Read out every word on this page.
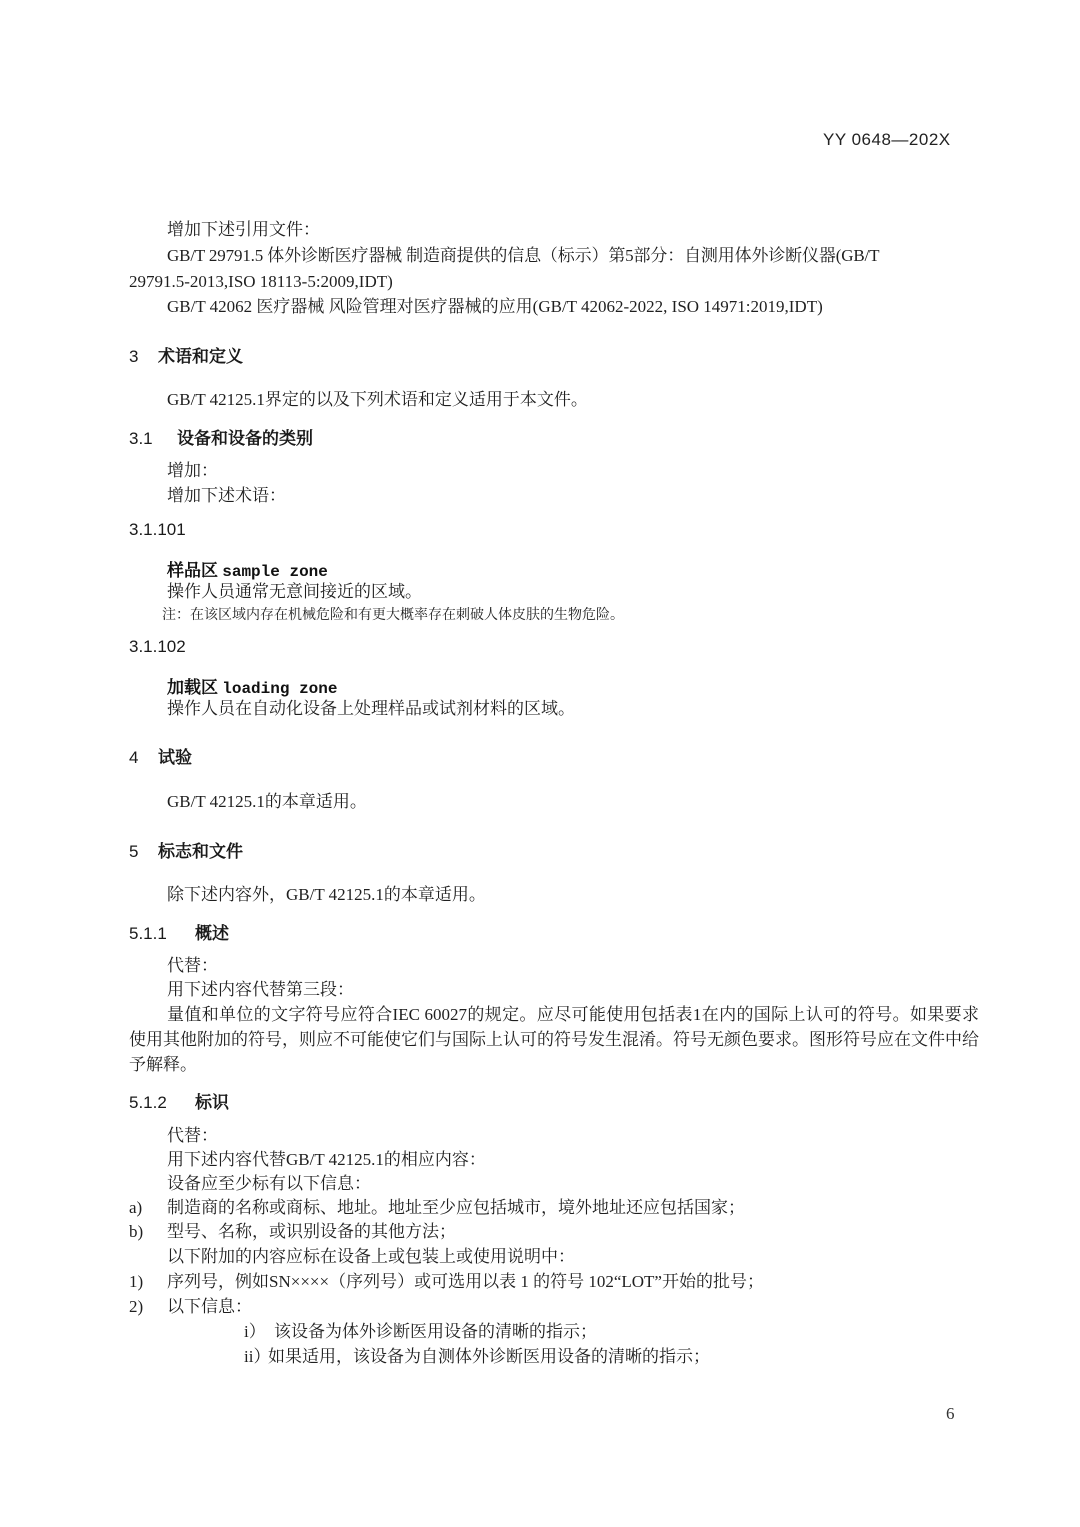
YY 0648—202X
增加下述引用文件：
GB/T 29791.5 体外诊断医疗器械 制造商提供的信息（标示）第5部分：自测用体外诊断仪器(GB/T
29791.5-2013,ISO 18113-5:2009,IDT)
GB/T 42062 医疗器械 风险管理对医疗器械的应用(GB/T 42062-2022, ISO 14971:2019,IDT)
3 术语和定义
GB/T 42125.1界定的以及下列术语和定义适用于本文件。
3.1 设备和设备的类别
增加：
增加下述术语：
3.1.101
样品区 sample zone
操作人员通常无意间接近的区域。
注：在该区域内存在机械危险和有更大概率存在刺破人体皮肤的生物危险。
3.1.102
加载区 loading zone
操作人员在自动化设备上处理样品或试剂材料的区域。
4 试验
GB/T 42125.1的本章适用。
5 标志和文件
除下述内容外，GB/T 42125.1的本章适用。
5.1.1 概述
代替：
用下述内容代替第三段：
量值和单位的文字符号应符合IEC 60027的规定。应尽可能使用包括表1在内的国际上认可的符号。如果要求使用其他附加的符号，则应不可能使它们与国际上认可的符号发生混淆。符号无颜色要求。图形符号应在文件中给予解释。
5.1.2 标识
代替：
用下述内容代替GB/T 42125.1的相应内容：
设备应至少标有以下信息：
a) 制造商的名称或商标、地址。地址至少应包括城市，境外地址还应包括国家；
b) 型号、名称，或识别设备的其他方法；
以下附加的内容应标在设备上或包装上或使用说明中：
1) 序列号，例如SN××××（序列号）或可选用以表 1 的符号 102“LOT”开始的批号；
2) 以下信息：
i） 该设备为体外诊断医用设备的清晰的指示；
ii）如果适用，该设备为自测体外诊断医用设备的清晰的指示；
6
